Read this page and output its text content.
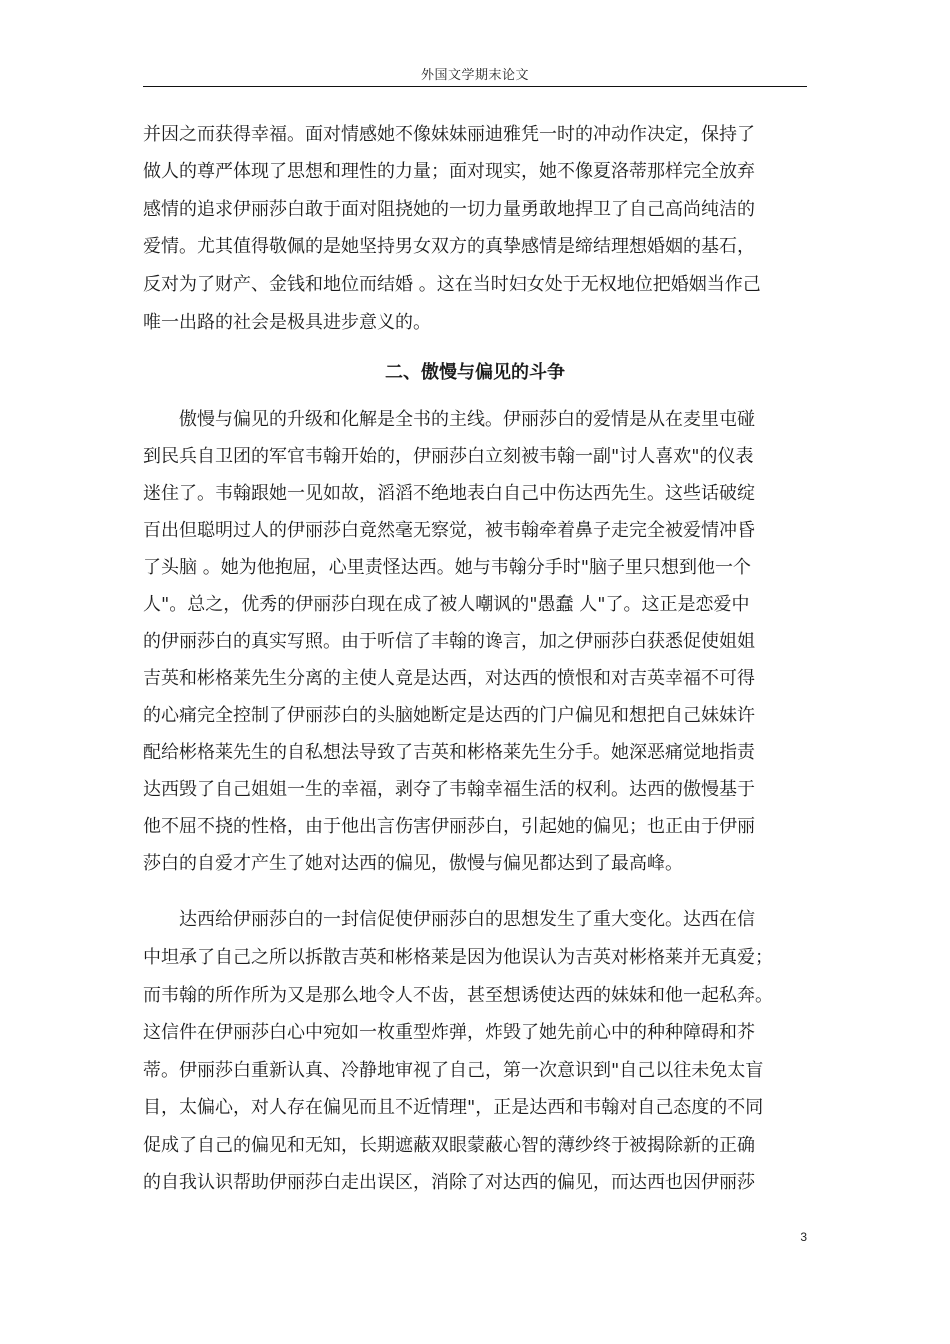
外国文学期末论文
并因之而获得幸福。面对情感她不像妹妹丽迪雅凭一时的冲动作决定，保持了
做人的尊严体现了思想和理性的力量；面对现实，她不像夏洛蒂那样完全放弃
感情的追求伊丽莎白敢于面对阻挠她的一切力量勇敢地捍卫了自己高尚纯洁的
爱情。尤其值得敬佩的是她坚持男女双方的真挚感情是缔结理想婚姻的基石，
反对为了财产、金钱和地位而结婚 。这在当时妇女处于无权地位把婚姻当作己
唯一出路的社会是极具进步意义的。
二、傲慢与偏见的斗争
　　傲慢与偏见的升级和化解是全书的主线。伊丽莎白的爱情是从在麦里屯碰
到民兵自卫团的军官韦翰开始的，伊丽莎白立刻被韦翰一副"讨人喜欢"的仪表
迷住了。韦翰跟她一见如故，滔滔不绝地表白自己中伤达西先生。这些话破绽
百出但聪明过人的伊丽莎白竟然毫无察觉，被韦翰牵着鼻子走完全被爱情冲昏
了头脑 。她为他抱屈，心里责怪达西。她与韦翰分手时"脑子里只想到他一个
人"。总之，优秀的伊丽莎白现在成了被人嘲讽的"愚蠢 人"了。这正是恋爱中
的伊丽莎白的真实写照。由于听信了丰翰的谗言，加之伊丽莎白获悉促使姐姐
吉英和彬格莱先生分离的主使人竟是达西，对达西的愤恨和对吉英幸福不可得
的心痛完全控制了伊丽莎白的头脑她断定是达西的门户偏见和想把自己妹妹许
配给彬格莱先生的自私想法导致了吉英和彬格莱先生分手。她深恶痛觉地指责
达西毁了自己姐姐一生的幸福，剥夺了韦翰幸福生活的权利。达西的傲慢基于
他不屈不挠的性格，由于他出言伤害伊丽莎白，引起她的偏见；也正由于伊丽
莎白的自爱才产生了她对达西的偏见，傲慢与偏见都达到了最高峰。
　　达西给伊丽莎白的一封信促使伊丽莎白的思想发生了重大变化。达西在信
中坦承了自己之所以拆散吉英和彬格莱是因为他误认为吉英对彬格莱并无真爱；
而韦翰的所作所为又是那么地令人不齿，甚至想诱使达西的妹妹和他一起私奔。
这信件在伊丽莎白心中宛如一枚重型炸弹，炸毁了她先前心中的种种障碍和芥
蒂。伊丽莎白重新认真、冷静地审视了自己，第一次意识到"自己以往未免太盲
目，太偏心，对人存在偏见而且不近情理"，正是达西和韦翰对自己态度的不同
促成了自己的偏见和无知，长期遮蔽双眼蒙蔽心智的薄纱终于被揭除新的正确
的自我认识帮助伊丽莎白走出误区，消除了对达西的偏见，而达西也因伊丽莎
3
